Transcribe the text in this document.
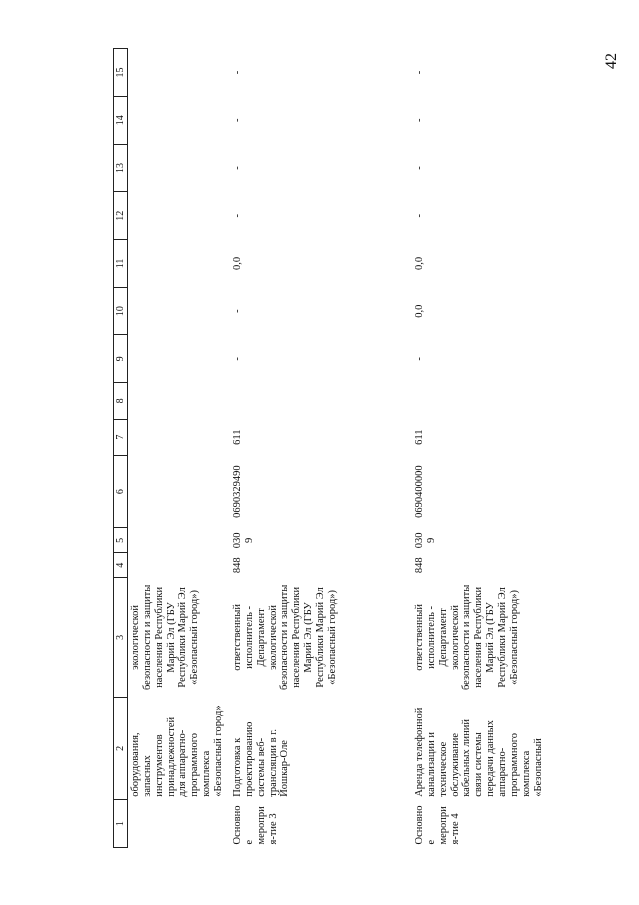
42
1	2	3	4	5	6	7	8	9	10	11	12	13	14	15
	оборудования, запасных инструментов принадлежностей для аппаратно-программного комплекса «Безопасный город»	экологической безопасности и защиты населения Республики Марий Эл (ГБУ Республики Марий Эл «Безопасный город»)												
Основное мероприя-тие 3	Подготовка к проектированию системы веб-трансляции в г. Йошкар-Оле	ответственный исполнитель - Департамент экологической безопасности и защиты населения Республики Марий Эл (ГБУ Республики Марий Эл «Безопасный город»)	848	0309	0690329490	611		-	-	0,0	-	-	-	-
Основное мероприя-тие 4	Аренда телефонной канализации и техническое обслуживание кабельных линий связи системы передачи данных аппаратно-программного комплекса «Безопасный	ответственный исполнитель - Департамент экологической безопасности и защиты населения Республики Марий Эл (ГБУ Республики Марий Эл «Безопасный город»)	848	0309	0690400000	611		-	0,0	0,0	-	-	-	-
